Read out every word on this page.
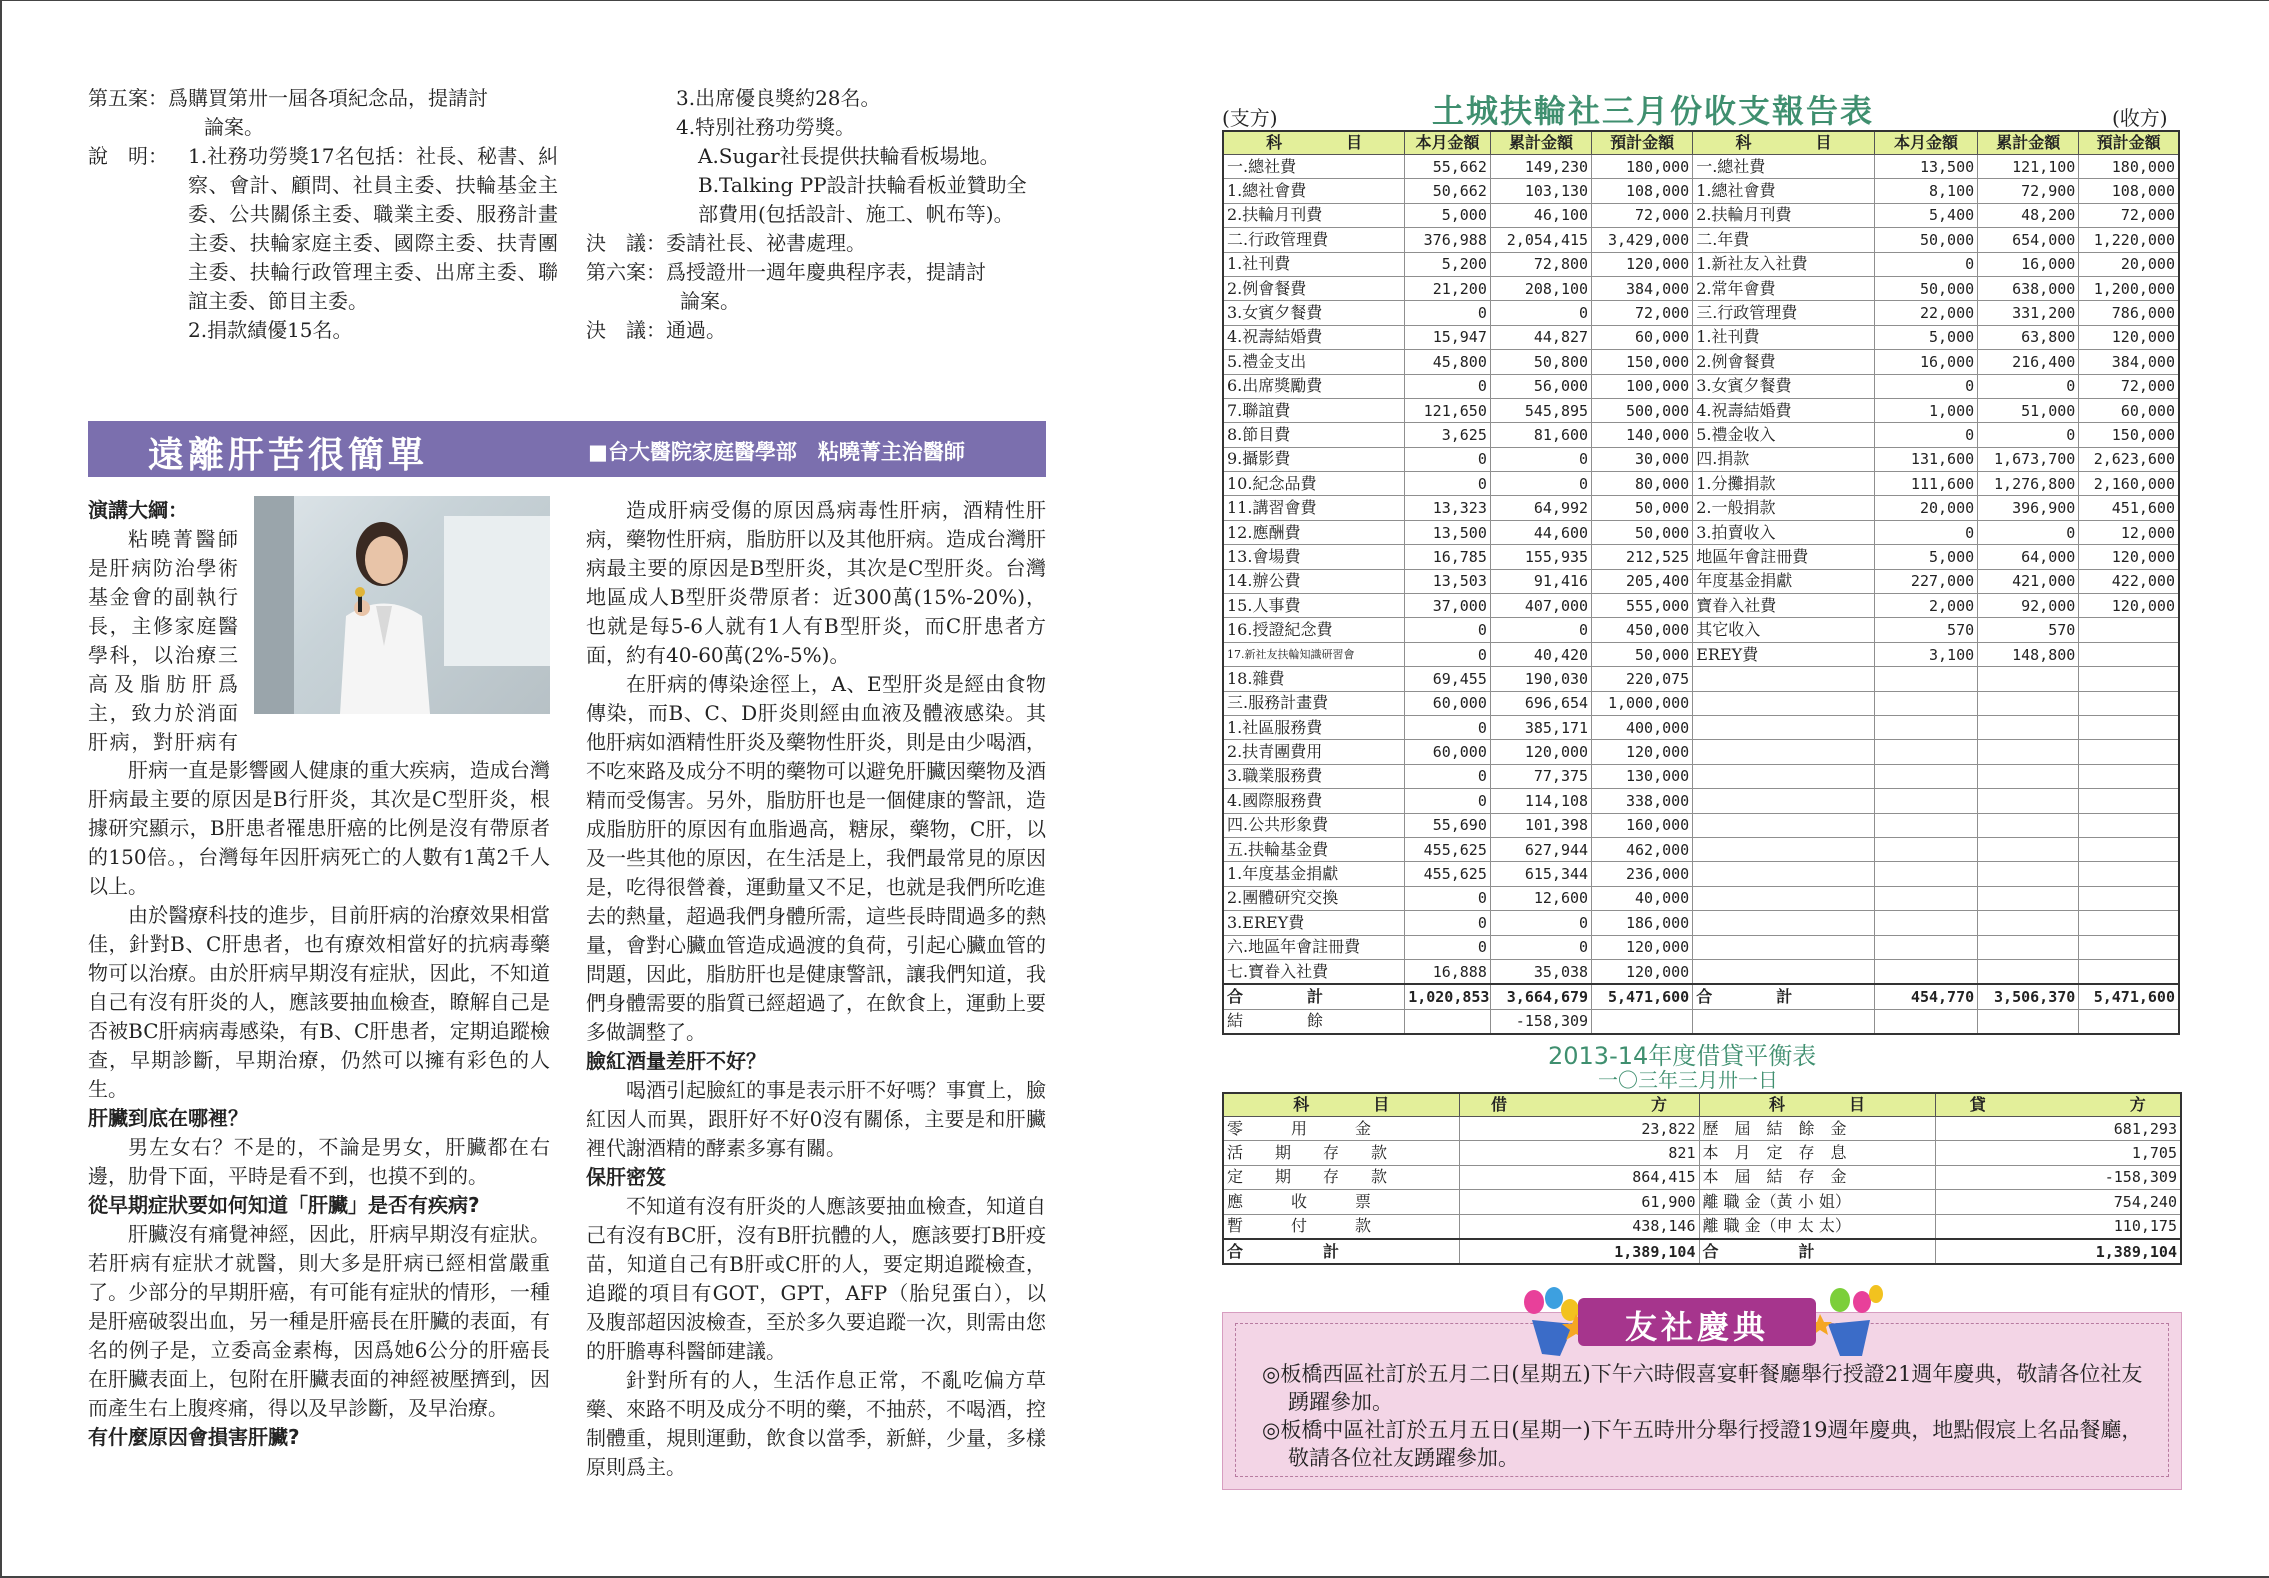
第五案：爲購買第卅一屆各項紀念品，提請討
論案。
說　明：	1.社務功勞獎17名包括：社長、秘書、糾察、會計、顧問、社員主委、扶輪基金主委、公共關係主委、職業主委、服務計畫主委、扶輪家庭主委、國際主委、扶青團主委、扶輪行政管理主委、出席主委、聯誼主委、節目主委。
2.捐款績優15名。
3.出席優良獎約28名。
4.特別社務功勞獎。
A.Sugar社長提供扶輪看板場地。
B.Talking PP設計扶輪看板並贊助全部費用(包括設計、施工、帆布等)。
決　議：委請社長、祕書處理。
第六案：爲授證卅一週年慶典程序表，提請討
論案。
決　議：通過。
遠離肝苦很簡單	■台大醫院家庭醫學部　粘曉菁主治醫師
演講大綱：
粘曉菁醫師是肝病防治學術基金會的副執行長，主修家庭醫學科，以治療三高及脂肪肝爲主，致力於消面肝病，對肝病有
肝病一直是影響國人健康的重大疾病，造成台灣肝病最主要的原因是B行肝炎，其次是C型肝炎，根據研究顯示，B肝患者罹患肝癌的比例是沒有帶原者的150倍。，台灣每年因肝病死亡的人數有1萬2千人以上。
由於醫療科技的進步，目前肝病的治療效果相當佳，針對B、C肝患者，也有療效相當好的抗病毒藥物可以治療。由於肝病早期沒有症狀，因此，不知道自己有沒有肝炎的人，應該要抽血檢查，瞭解自己是否被BC肝病病毒感染，有B、C肝患者，定期追蹤檢查，早期診斷，早期治療，仍然可以擁有彩色的人生。
肝臟到底在哪裡？
男左女右？不是的，不論是男女，肝臟都在右邊，肋骨下面，平時是看不到，也摸不到的。
從早期症狀要如何知道「肝臟」是否有疾病?
肝臟沒有痛覺神經，因此，肝病早期沒有症狀。若肝病有症狀才就醫，則大多是肝病已經相當嚴重了。少部分的早期肝癌，有可能有症狀的情形，一種是肝癌破裂出血，另一種是肝癌長在肝臟的表面，有名的例子是，立委高金素梅，因爲她6公分的肝癌長在肝臟表面上，包附在肝臟表面的神經被壓擠到，因而產生右上腹疼痛，得以及早診斷，及早治療。
有什麼原因會損害肝臟?
造成肝病受傷的原因爲病毒性肝病，酒精性肝病，藥物性肝病，脂肪肝以及其他肝病。造成台灣肝病最主要的原因是B型肝炎，其次是C型肝炎。台灣地區成人B型肝炎帶原者：近300萬(15%-20%)，也就是每5-6人就有1人有B型肝炎，而C肝患者方面，約有40-60萬(2%-5%)。
在肝病的傳染途徑上，A、E型肝炎是經由食物傳染，而B、C、D肝炎則經由血液及體液感染。其他肝病如酒精性肝炎及藥物性肝炎，則是由少喝酒，不吃來路及成分不明的藥物可以避免肝臟因藥物及酒精而受傷害。另外，脂肪肝也是一個健康的警訊，造成脂肪肝的原因有血脂過高，糖尿，藥物，C肝，以及一些其他的原因，在生活是上，我們最常見的原因是，吃得很營養，運動量又不足，也就是我們所吃進去的熱量，超過我們身體所需，這些長時間過多的熱量，會對心臟血管造成過渡的負荷，引起心臟血管的問題，因此，脂肪肝也是健康警訊，讓我們知道，我們身體需要的脂質已經超過了，在飲食上，運動上要多做調整了。
臉紅酒量差肝不好？
喝酒引起臉紅的事是表示肝不好嗎？事實上，臉紅因人而異，跟肝好不好0沒有關係，主要是和肝臟裡代謝酒精的酵素多寡有關。
保肝密笈
不知道有沒有肝炎的人應該要抽血檢查，知道自己有沒有BC肝，沒有B肝抗體的人，應該要打B肝疫苗，知道自己有B肝或C肝的人，要定期追蹤檢查，追蹤的項目有GOT，GPT，AFP（胎兒蛋白），以及腹部超因波檢查，至於多久要追蹤一次，則需由您的肝膽專科醫師建議。
針對所有的人，生活作息正常，不亂吃偏方草藥、來路不明及成分不明的藥，不抽菸，不喝酒，控制體重，規則運動，飲食以當季，新鮮，少量，多樣原則爲主。
(支方)	土城扶輪社三月份收支報告表	(收方)
科　　　　目	本月金額	累計金額	預計金額	科　　　　目	本月金額	累計金額	預計金額
一.總社費	55,662	149,230	180,000	一.總社費	13,500	121,100	180,000
1.總社會費	50,662	103,130	108,000	1.總社會費	8,100	72,900	108,000
2.扶輪月刊費	5,000	46,100	72,000	2.扶輪月刊費	5,400	48,200	72,000
二.行政管理費	376,988	2,054,415	3,429,000	二.年費	50,000	654,000	1,220,000
1.社刊費	5,200	72,800	120,000	1.新社友入社費	0	16,000	20,000
2.例會餐費	21,200	208,100	384,000	2.常年會費	50,000	638,000	1,200,000
3.女賓夕餐費	0	0	72,000	三.行政管理費	22,000	331,200	786,000
4.祝壽結婚費	15,947	44,827	60,000	1.社刊費	5,000	63,800	120,000
5.禮金支出	45,800	50,800	150,000	2.例會餐費	16,000	216,400	384,000
6.出席獎勵費	0	56,000	100,000	3.女賓夕餐費	0	0	72,000
7.聯誼費	121,650	545,895	500,000	4.祝壽結婚費	1,000	51,000	60,000
8.節目費	3,625	81,600	140,000	5.禮金收入	0	0	150,000
9.攝影費	0	0	30,000	四.捐款	131,600	1,673,700	2,623,600
10.紀念品費	0	0	80,000	1.分攤捐款	111,600	1,276,800	2,160,000
11.講習會費	13,323	64,992	50,000	2.一般捐款	20,000	396,900	451,600
12.應酬費	13,500	44,600	50,000	3.拍賣收入	0	0	12,000
13.會場費	16,785	155,935	212,525	地區年會註冊費	5,000	64,000	120,000
14.辦公費	13,503	91,416	205,400	年度基金捐獻	227,000	421,000	422,000
15.人事費	37,000	407,000	555,000	寶眷入社費	2,000	92,000	120,000
16.授證紀念費	0	0	450,000	其它收入	570	570	
17.新社友扶輪知識研習會	0	40,420	50,000	EREY費	3,100	148,800	
18.雜費	69,455	190,030	220,075				
三.服務計畫費	60,000	696,654	1,000,000				
1.社區服務費	0	385,171	400,000				
2.扶青團費用	60,000	120,000	120,000				
3.職業服務費	0	77,375	130,000				
4.國際服務費	0	114,108	338,000				
四.公共形象費	55,690	101,398	160,000				
五.扶輪基金費	455,625	627,944	462,000				
1.年度基金捐獻	455,625	615,344	236,000				
2.團體研究交換	0	12,600	40,000				
3.EREY費	0	0	186,000				
六.地區年會註冊費	0	0	120,000				
七.寶眷入社費	16,888	35,038	120,000				
合　　　　計	1,020,853	3,664,679	5,471,600	合　　　　計	454,770	3,506,370	5,471,600
結　　　　餘		-158,309					
2013-14年度借貸平衡表
一〇三年三月卅一日
科　　　　目	借　　　　　　　　　方	科　　　　目	貸　　　　　　　　　方
零　　　用　　　金	23,822	歷　屆　結　餘　金	681,293
活　　期　　存　　款	821	本　月　定　存　息	1,705
定　　期　　存　　款	864,415	本　屆　結　存　金	-158,309
應　　　收　　　票	61,900	離 職 金（黃 小 姐）	754,240
暫　　　付　　　款	438,146	離 職 金（申 太 太）	110,175
合　　　　　計	1,389,104	合　　　　　計	1,389,104
友社慶典
◎板橋西區社訂於五月二日(星期五)下午六時假喜宴軒餐廳舉行授證21週年慶典，敬請各位社友踴躍參加。
◎板橋中區社訂於五月五日(星期一)下午五時卅分舉行授證19週年慶典，地點假宸上名品餐廳，敬請各位社友踴躍參加。
